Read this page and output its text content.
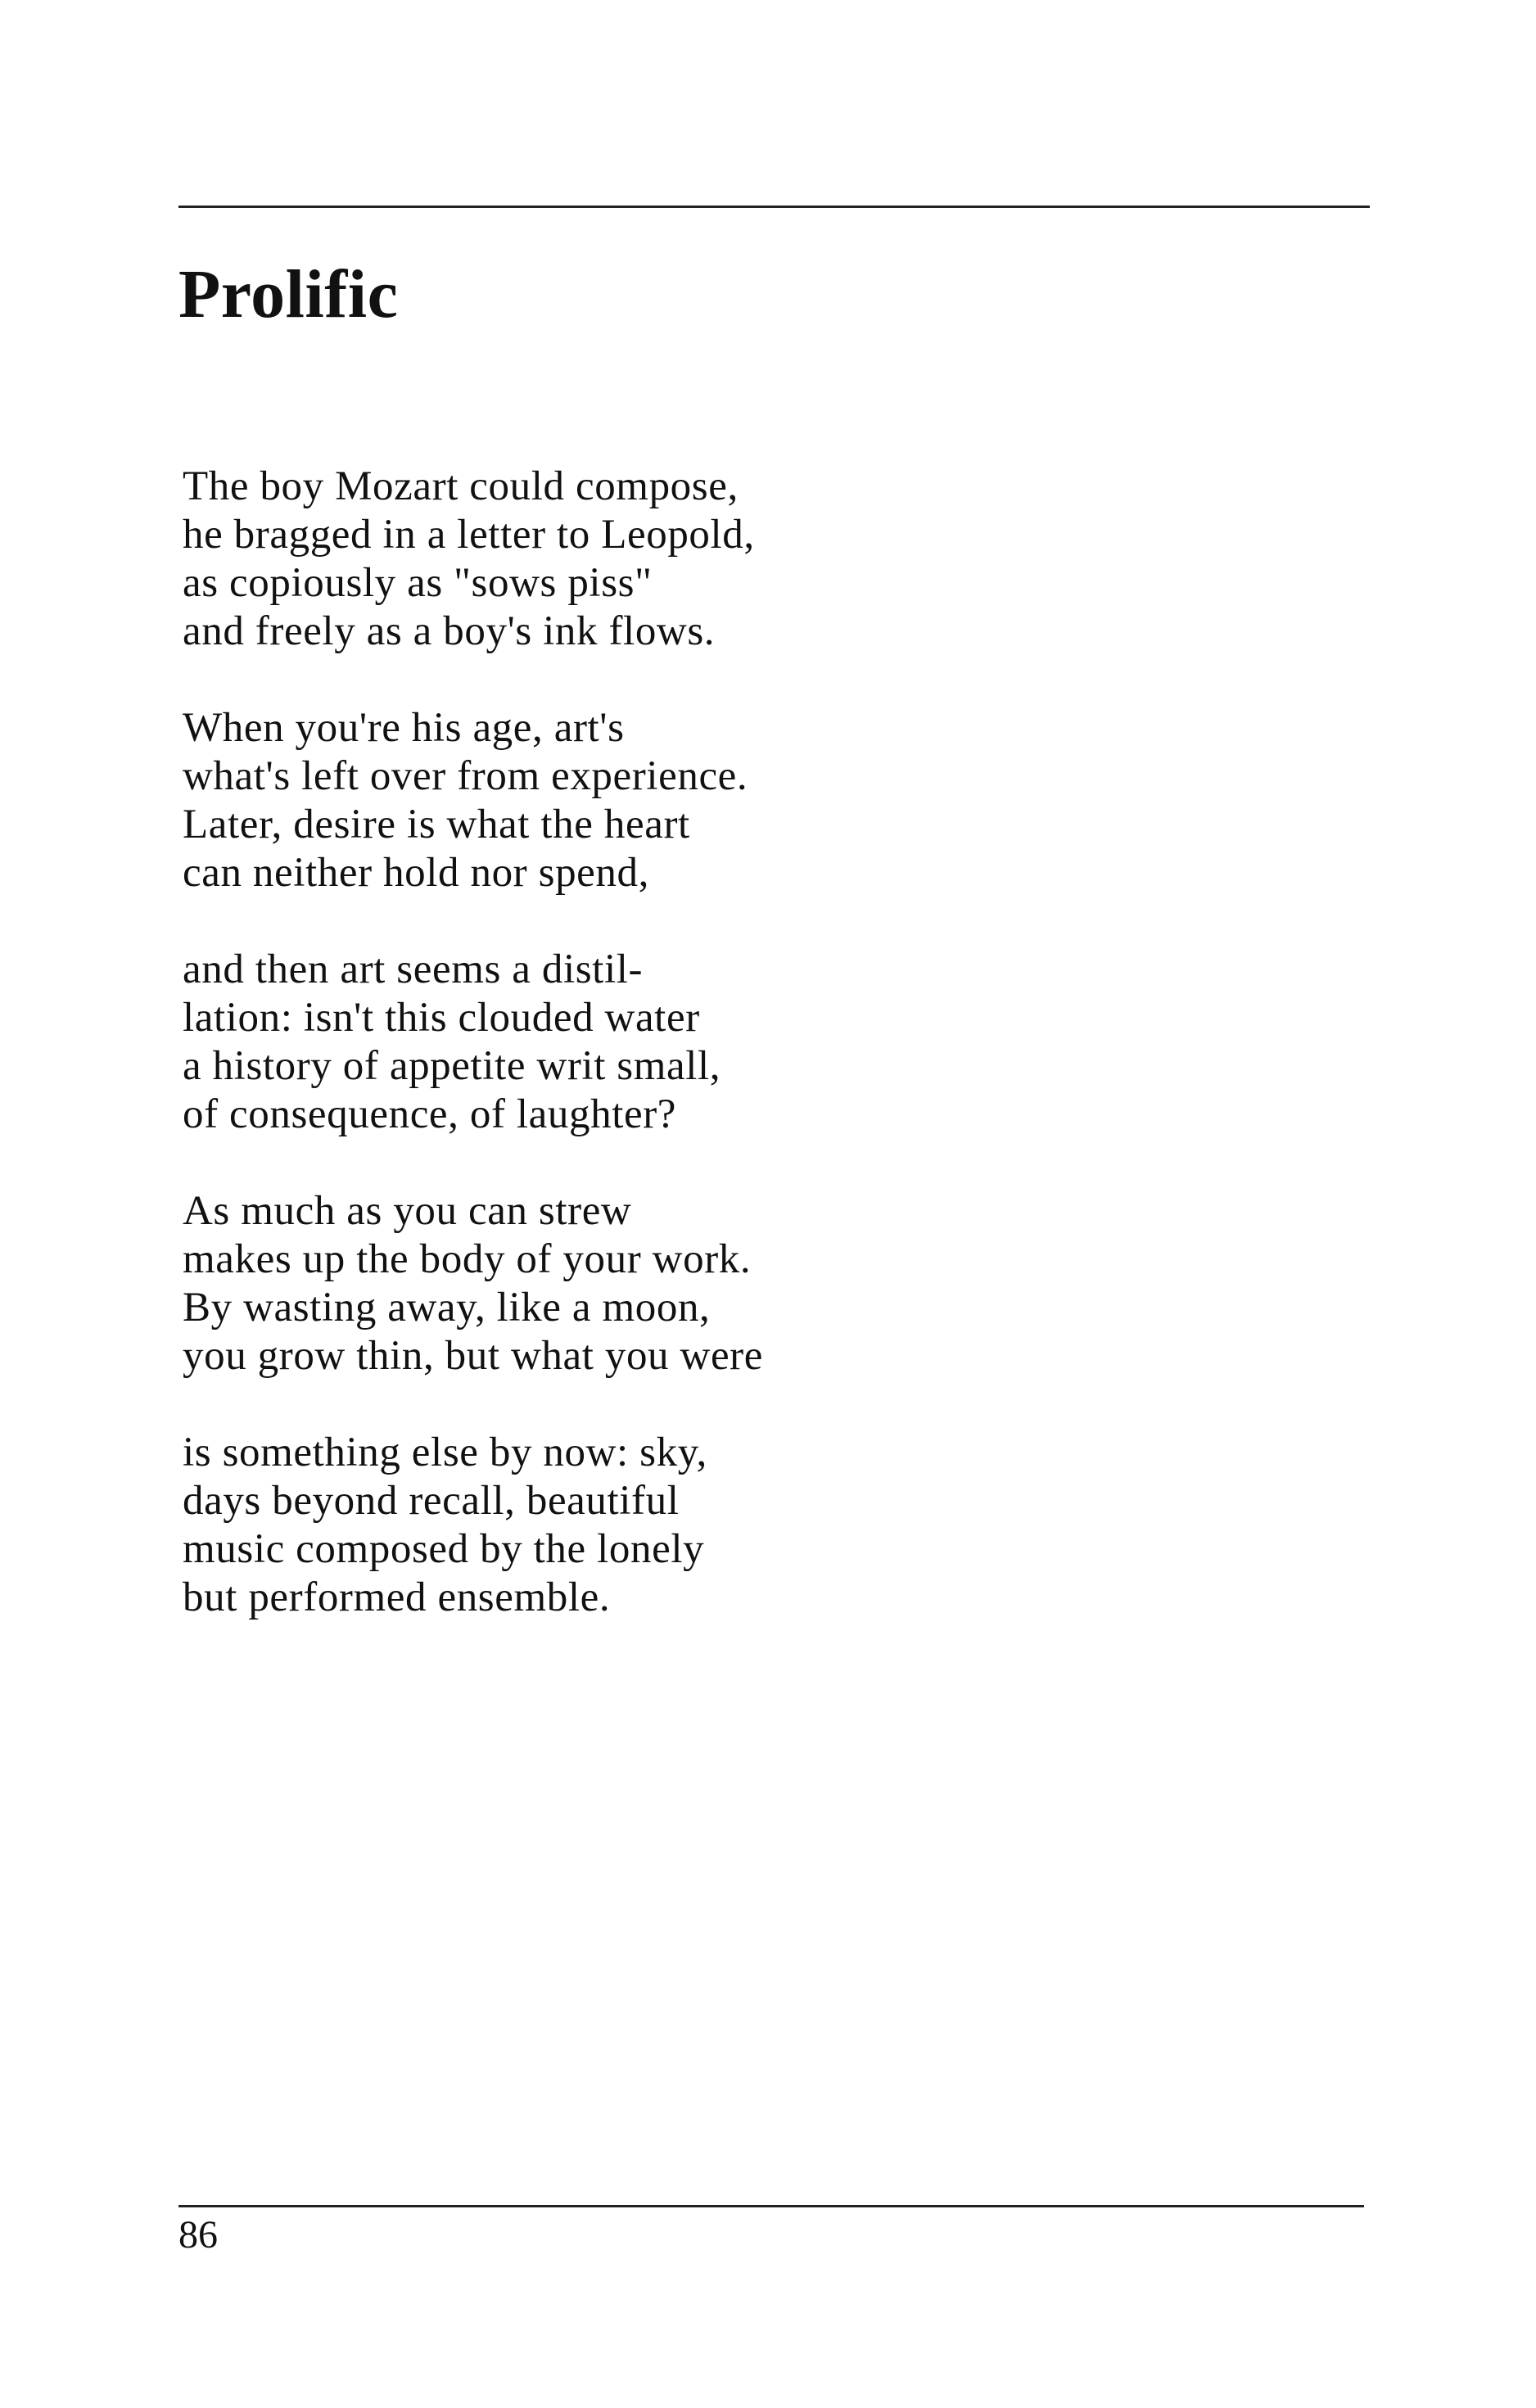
Prolific
The boy Mozart could compose,
he bragged in a letter to Leopold,
as copiously as "sows piss"
and freely as a boy's ink flows.
When you're his age, art's
what's left over from experience.
Later, desire is what the heart
can neither hold nor spend,
and then art seems a distil-
lation: isn't this clouded water
a history of appetite writ small,
of consequence, of laughter?
As much as you can strew
makes up the body of your work.
By wasting away, like a moon,
you grow thin, but what you were
is something else by now: sky,
days beyond recall, beautiful
music composed by the lonely
but performed ensemble.
86
